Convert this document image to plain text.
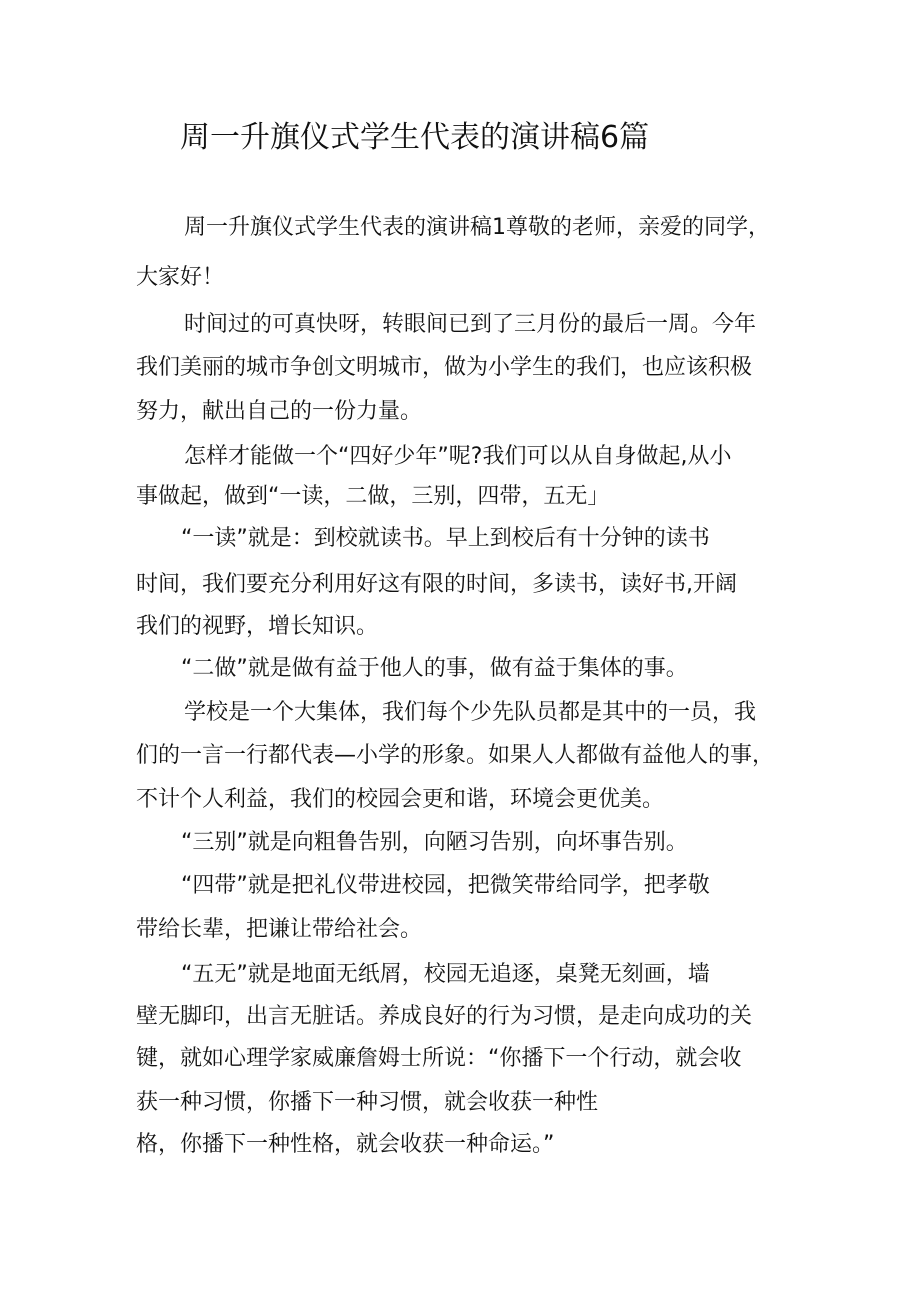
周一升旗仪式学生代表的演讲稿6篇

周一升旗仪式学生代表的演讲稿1尊敬的老师，亲爱的同学，

大家好！

时间过的可真快呀，转眼间已到了三月份的最后一周。今年

我们美丽的城市争创文明城市，做为小学生的我们，也应该积极

努力，献出自己的一份力量。

怎样才能做一个“四好少年”呢?我们可以从自身做起,从小

事做起，做到“一读，二做，三别，四带，五无」

“一读”就是：到校就读书。早上到校后有十分钟的读书

时间，我们要充分利用好这有限的时间，多读书，读好书,开阔

我们的视野，增长知识。

“二做”就是做有益于他人的事，做有益于集体的事。

学校是一个大集体，我们每个少先队员都是其中的一员，我

们的一言一行都代表—小学的形象。如果人人都做有益他人的事，

不计个人利益，我们的校园会更和谐，环境会更优美。

“三别”就是向粗鲁告别，向陋习告别，向坏事告别。

“四带”就是把礼仪带进校园，把微笑带给同学，把孝敬

带给长辈，把谦让带给社会。

“五无”就是地面无纸屑，校园无追逐，桌凳无刻画，墙

壁无脚印，出言无脏话。养成良好的行为习惯，是走向成功的关

键，就如心理学家威廉詹姆士所说：“你播下一个行动，就会收

获一种习惯，你播下一种习惯，就会收获一种性

格，你播下一种性格，就会收获一种命运。”
